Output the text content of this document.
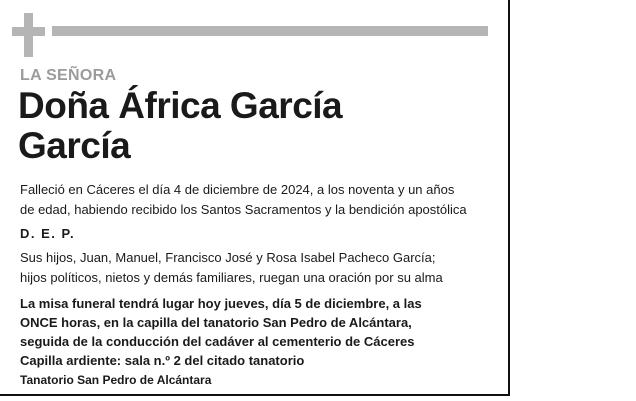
LA SEÑORA
Doña África García
García

Falleció en Cáceres el día 4 de diciembre de 2024, a los noventa y un años
de edad, habiendo recibido los Santos Sacramentos y la bendición apostólica

D. E. P.

Sus hijos, Juan, Manuel, Francisco José y Rosa Isabel Pacheco García;
hijos políticos, nietos y demás familiares, ruegan una oración por su alma

La misa funeral tendrá lugar hoy jueves, día 5 de diciembre, a las
ONCE horas, en la capilla del tanatorio San Pedro de Alcántara,
seguida de la conducción del cadáver al cementerio de Cáceres
Capilla ardiente: sala n.º 2 del citado tanatorio

Tanatorio San Pedro de Alcántara
